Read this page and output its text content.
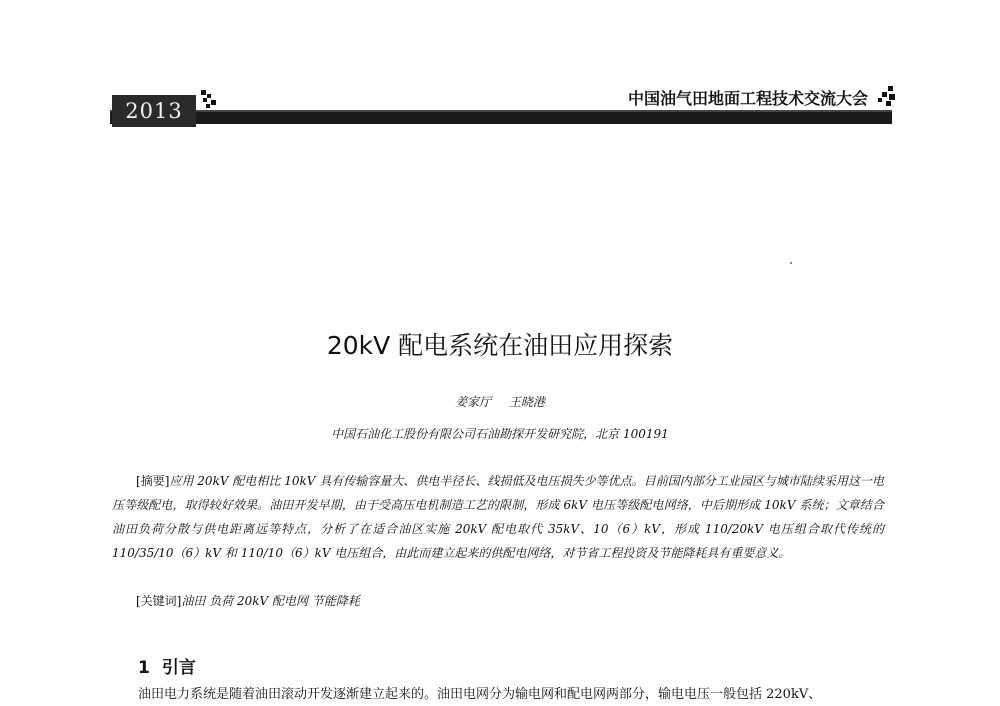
2013
中国油气田地面工程技术交流大会
20kV 配电系统在油田应用探索
姜家厅 王晓港
中国石油化工股份有限公司石油勘探开发研究院，北京 100191
[摘要]应用 20kV 配电相比 10kV 具有传输容量大、供电半径长、线损低及电压损失少等优点。目前国内部分工业园区与城市陆续采用这一电压等级配电，取得较好效果。油田开发早期，由于受高压电机制造工艺的限制，形成 6kV 电压等级配电网络，中后期形成 10kV 系统；文章结合油田负荷分散与供电距离远等特点，分析了在适合油区实施 20kV 配电取代 35kV、10（6）kV，形成 110/20kV 电压组合取代传统的 110/35/10（6）kV 和 110/10（6）kV 电压组合，由此而建立起来的供配电网络，对节省工程投资及节能降耗具有重要意义。
[关键词]油田 负荷 20kV 配电网 节能降耗
1 引言
油田电力系统是随着油田滚动开发逐渐建立起来的。油田电网分为输电网和配电网两部分，输电电压一般包括 220kV、
